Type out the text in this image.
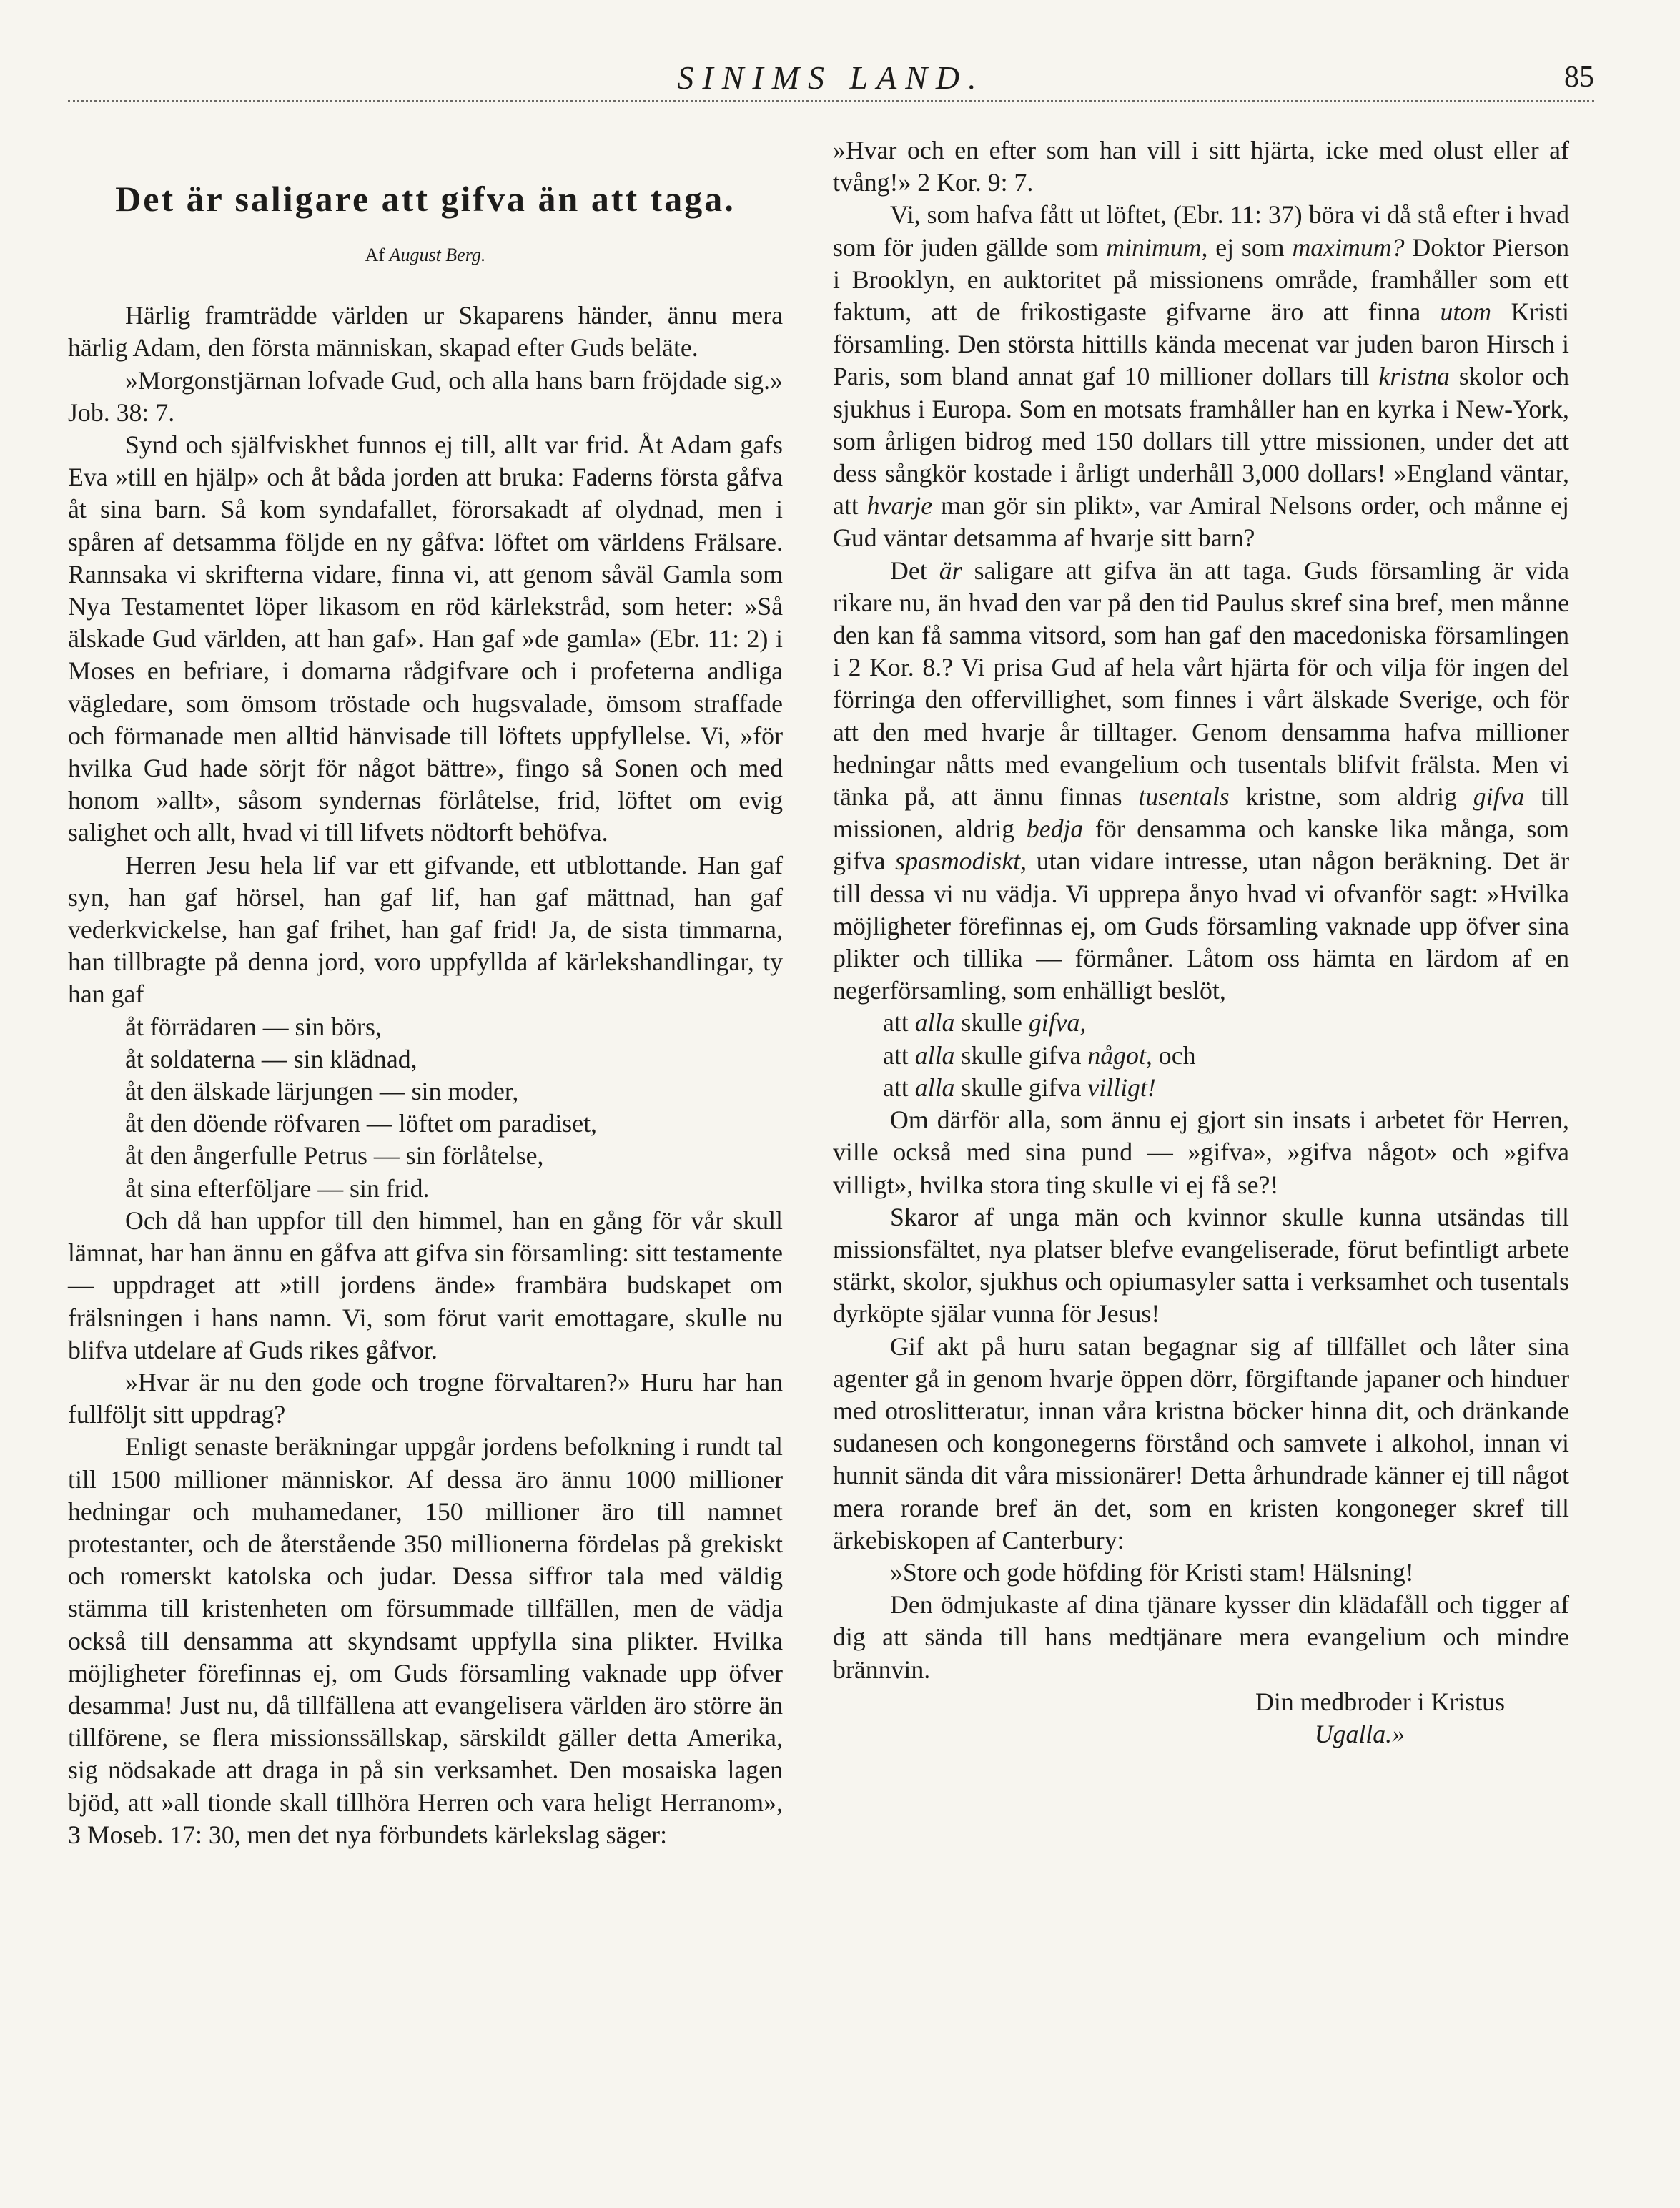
SINIMS LAND.	85
Det är saligare att gifva än att taga.
Af August Berg.

Härlig framträdde världen ur Skaparens händer, ännu mera härlig Adam, den första människan, skapad efter Guds beläte.

»Morgonstjärnan lofvade Gud, och alla hans barn fröjdade sig.» Job. 38: 7.

Synd och själfviskhet funnos ej till, allt var frid. Åt Adam gafs Eva »till en hjälp» och åt båda jorden att bruka: Faderns första gåfva åt sina barn. Så kom syndafallet, förorsakadt af olydnad, men i spåren af detsamma följde en ny gåfva: löftet om världens Frälsare. Rannsaka vi skrifterna vidare, finna vi, att genom såväl Gamla som Nya Testamentet löper likasom en röd kärlekstråd, som heter: »Så älskade Gud världen, att han gaf». Han gaf »de gamla» (Ebr. 11: 2) i Moses en befriare, i domarna rådgifvare och i profeterna andliga vägledare, som ömsom tröstade och hugsvalade, ömsom straffade och förmanade men alltid hänvisade till löftets uppfyllelse. Vi, »för hvilka Gud hade sörjt för något bättre», fingo så Sonen och med honom »allt», såsom syndernas förlåtelse, frid, löftet om evig salighet och allt, hvad vi till lifvets nödtorft behöfva.

Herren Jesu hela lif var ett gifvande, ett utblottande. Han gaf syn, han gaf hörsel, han gaf lif, han gaf mättnad, han gaf vederkvickelse, han gaf frihet, han gaf frid! Ja, de sista timmarna, han tillbragte på denna jord, voro uppfyllda af kärlekshandlingar, ty han gaf

åt förrädaren — sin börs,
åt soldaterna — sin klädnad,
åt den älskade lärjungen — sin moder,
åt den döende röfvaren — löftet om paradiset,
åt den ångerfulle Petrus — sin förlåtelse,
åt sina efterföljare — sin frid.

Och då han uppfor till den himmel, han en gång för vår skull lämnat, har han ännu en gåfva att gifva sin församling: sitt testamente — uppdraget att »till jordens ände» frambära budskapet om frälsningen i hans namn. Vi, som förut varit emottagare, skulle nu blifva utdelare af Guds rikes gåfvor.

»Hvar är nu den gode och trogne förvaltaren?» Huru har han fullföljt sitt uppdrag?

Enligt senaste beräkningar uppgår jordens befolkning i rundt tal till 1500 millioner människor. Af dessa äro ännu 1000 millioner hedningar och muhamedaner, 150 millioner äro till namnet protestanter, och de återstående 350 millionerna fördelas på grekiskt och romerskt katolska och judar. Dessa siffror tala med väldig stämma till kristenheten om försummade tillfällen, men de vädja också till densamma att skyndsamt uppfylla sina plikter. Hvilka möjligheter förefinnas ej, om Guds församling vaknade upp öfver desamma! Just nu, då tillfällena att evangelisera världen äro större än tillförene, se flera missionssällskap, särskildt gäller detta Amerika, sig nödsakade att draga in på sin verksamhet. Den mosaiska lagen bjöd, att »all tionde skall tillhöra Herren och vara heligt Herranom», 3 Moseb. 17: 30, men det nya förbundets kärlekslag säger:

»Hvar och en efter som han vill i sitt hjärta, icke med olust eller af tvång!» 2 Kor. 9: 7.

Vi, som hafva fått ut löftet, (Ebr. 11: 37) böra vi då stå efter i hvad som för juden gällde som minimum, ej som maximum? Doktor Pierson i Brooklyn, en auktoritet på missionens område, framhåller som ett faktum, att de frikostigaste gifvarne äro att finna utom Kristi församling. Den största hittills kända mecenat var juden baron Hirsch i Paris, som bland annat gaf 10 millioner dollars till kristna skolor och sjukhus i Europa. Som en motsats framhåller han en kyrka i New-York, som årligen bidrog med 150 dollars till yttre missionen, under det att dess sångkör kostade i årligt underhåll 3,000 dollars! »England väntar, att hvarje man gör sin plikt», var Amiral Nelsons order, och månne ej Gud väntar detsamma af hvarje sitt barn?

Det är saligare att gifva än att taga. Guds församling är vida rikare nu, än hvad den var på den tid Paulus skref sina bref, men månne den kan få samma vitsord, som han gaf den macedoniska församlingen i 2 Kor. 8.? Vi prisa Gud af hela vårt hjärta för och vilja för ingen del förringa den offervillighet, som finnes i vårt älskade Sverige, och för att den med hvarje år tilltager. Genom densamma hafva millioner hedningar nåtts med evangelium och tusentals blifvit frälsta. Men vi tänka på, att ännu finnas tusentals kristne, som aldrig gifva till missionen, aldrig bedja för densamma och kanske lika många, som gifva spasmodiskt, utan vidare intresse, utan någon beräkning. Det är till dessa vi nu vädja. Vi upprepa ånyo hvad vi ofvanför sagt: »Hvilka möjligheter förefinnas ej, om Guds församling vaknade upp öfver sina plikter och tillika — förmåner. Låtom oss hämta en lärdom af en negerförsamling, som enhälligt beslöt,

att alla skulle gifva,
att alla skulle gifva något, och
att alla skulle gifva villigt!

Om därför alla, som ännu ej gjort sin insats i arbetet för Herren, ville också med sina pund — »gifva», »gifva något» och »gifva villigt», hvilka stora ting skulle vi ej få se?!

Skaror af unga män och kvinnor skulle kunna utsändas till missionsfältet, nya platser blefve evangeliserade, förut befintligt arbete stärkt, skolor, sjukhus och opiumasyler satta i verksamhet och tusentals dyrköpte själar vunna för Jesus!

Gif akt på huru satan begagnar sig af tillfället och låter sina agenter gå in genom hvarje öppen dörr, förgiftande japaner och hinduer med otroslitteratur, innan våra kristna böcker hinna dit, och dränkande sudanesen och kongonegerns förstånd och samvete i alkohol, innan vi hunnit sända dit våra missionärer! Detta århundrade känner ej till något mera rorande bref än det, som en kristen kongoneger skref till ärkebiskopen af Canterbury:

»Store och gode höfding för Kristi stam! Hälsning!

Den ödmjukaste af dina tjänare kysser din klädafåll och tigger af dig att sända till hans medtjänare mera evangelium och mindre brännvin.

Din medbroder i Kristus

Ugalla.»
